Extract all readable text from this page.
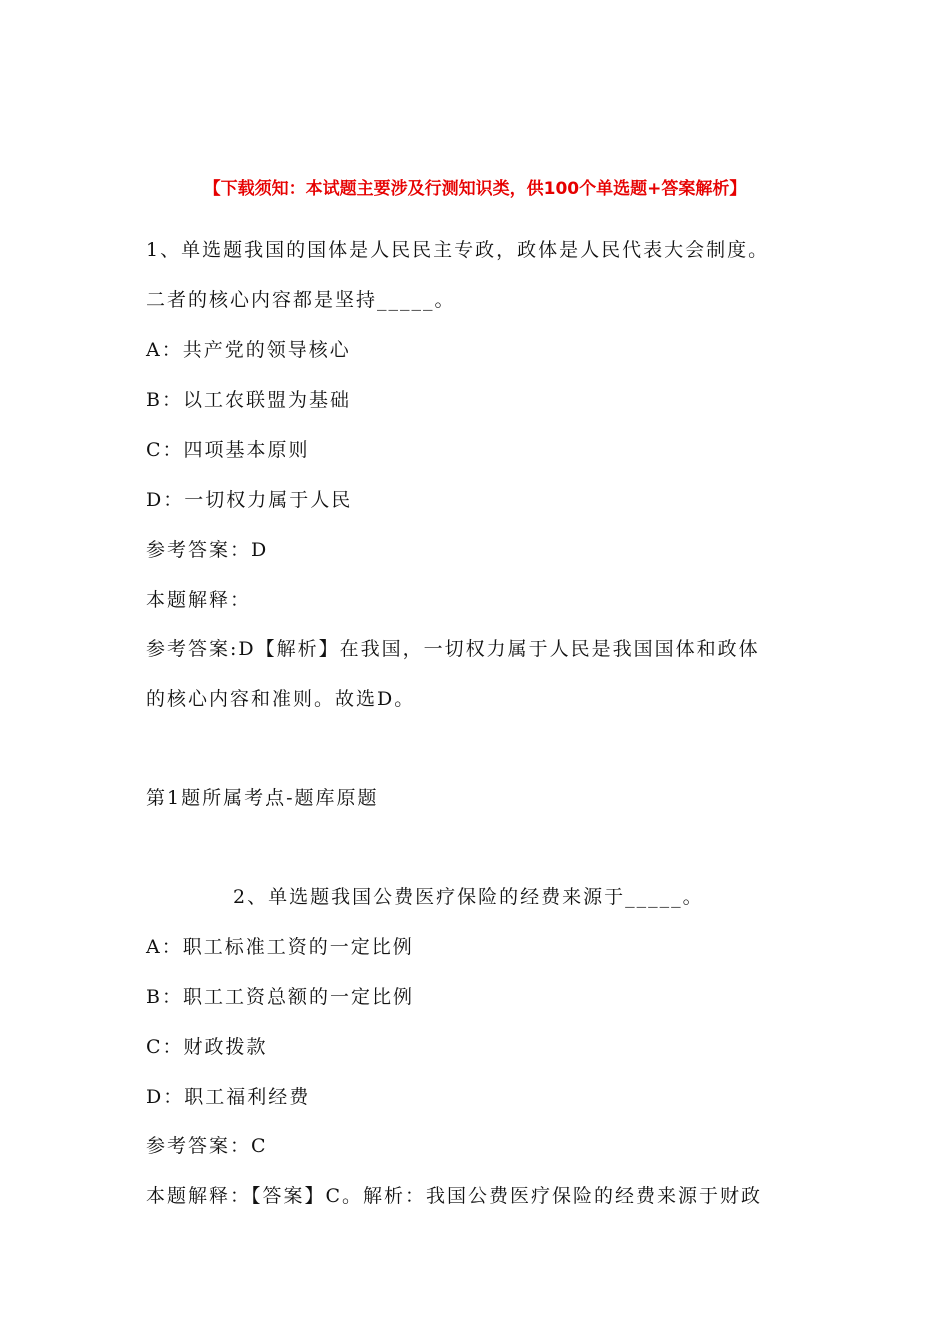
【下载须知：本试题主要涉及行测知识类，供100个单选题+答案解析】
1、单选题我国的国体是人民民主专政，政体是人民代表大会制度。
二者的核心内容都是坚持_____。
A：共产党的领导核心
B：以工农联盟为基础
C：四项基本原则
D：一切权力属于人民
参考答案：D
本题解释：
参考答案:D【解析】在我国，一切权力属于人民是我国国体和政体
的核心内容和准则。故选D。
第1题所属考点-题库原题
2、单选题我国公费医疗保险的经费来源于_____。
A：职工标准工资的一定比例
B：职工工资总额的一定比例
C：财政拨款
D：职工福利经费
参考答案：C
本题解释：【答案】C。解析：我国公费医疗保险的经费来源于财政
